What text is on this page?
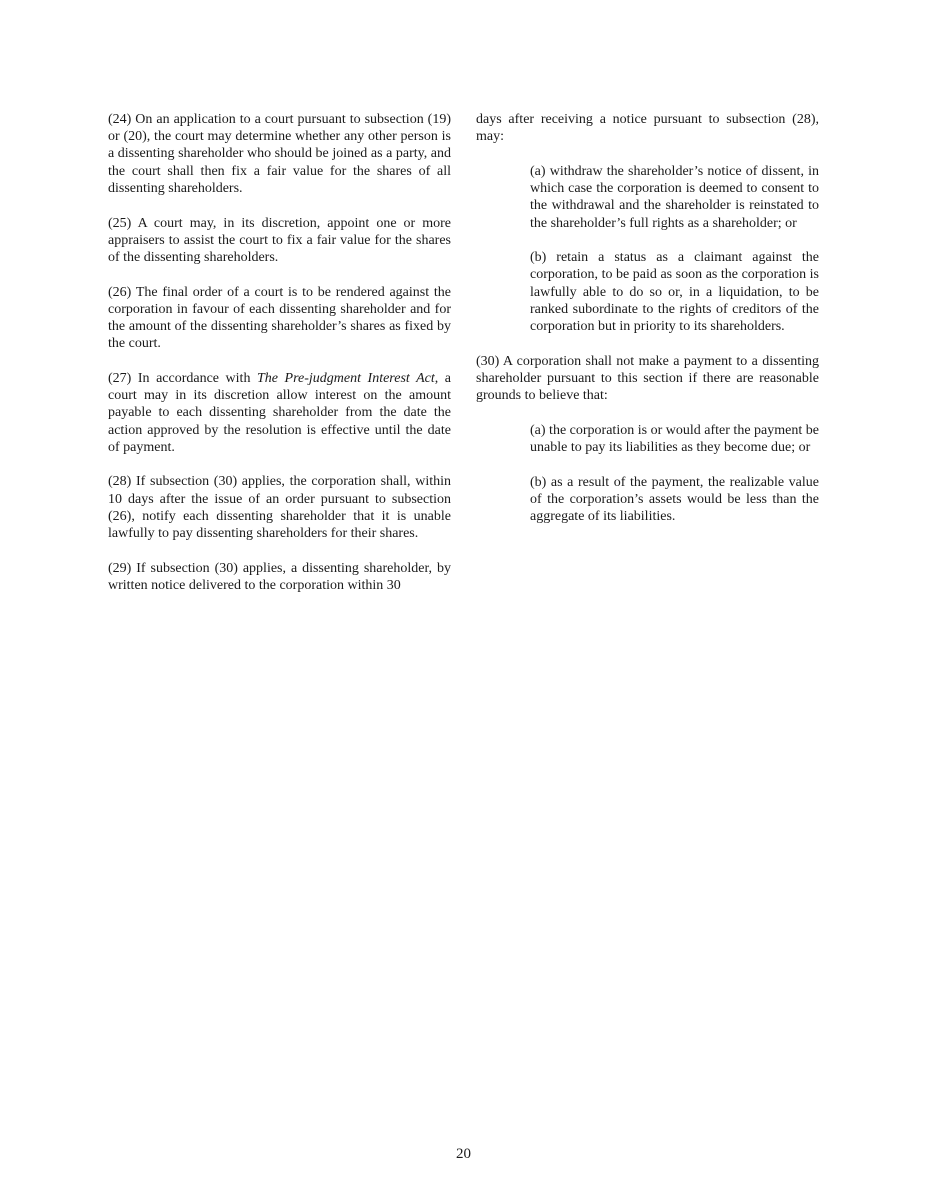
(24) On an application to a court pursuant to subsection (19) or (20), the court may determine whether any other person is a dissenting shareholder who should be joined as a party, and the court shall then fix a fair value for the shares of all dissenting shareholders.

(25) A court may, in its discretion, appoint one or more appraisers to assist the court to fix a fair value for the shares of the dissenting shareholders.

(26) The final order of a court is to be rendered against the corporation in favour of each dissenting shareholder and for the amount of the dissenting shareholder’s shares as fixed by the court.

(27) In accordance with The Pre-judgment Interest Act, a court may in its discretion allow interest on the amount payable to each dissenting shareholder from the date the action approved by the resolution is effective until the date of payment.

(28) If subsection (30) applies, the corporation shall, within 10 days after the issue of an order pursuant to subsection (26), notify each dissenting shareholder that it is unable lawfully to pay dissenting shareholders for their shares.

(29) If subsection (30) applies, a dissenting shareholder, by written notice delivered to the corporation within 30

days after receiving a notice pursuant to subsection (28), may:

(a) withdraw the shareholder’s notice of dissent, in which case the corporation is deemed to consent to the withdrawal and the shareholder is reinstated to the shareholder’s full rights as a shareholder; or

(b) retain a status as a claimant against the corporation, to be paid as soon as the corporation is lawfully able to do so or, in a liquidation, to be ranked subordinate to the rights of creditors of the corporation but in priority to its shareholders.

(30) A corporation shall not make a payment to a dissenting shareholder pursuant to this section if there are reasonable grounds to believe that:

(a) the corporation is or would after the payment be unable to pay its liabilities as they become due; or

(b) as a result of the payment, the realizable value of the corporation’s assets would be less than the aggregate of its liabilities.

20
